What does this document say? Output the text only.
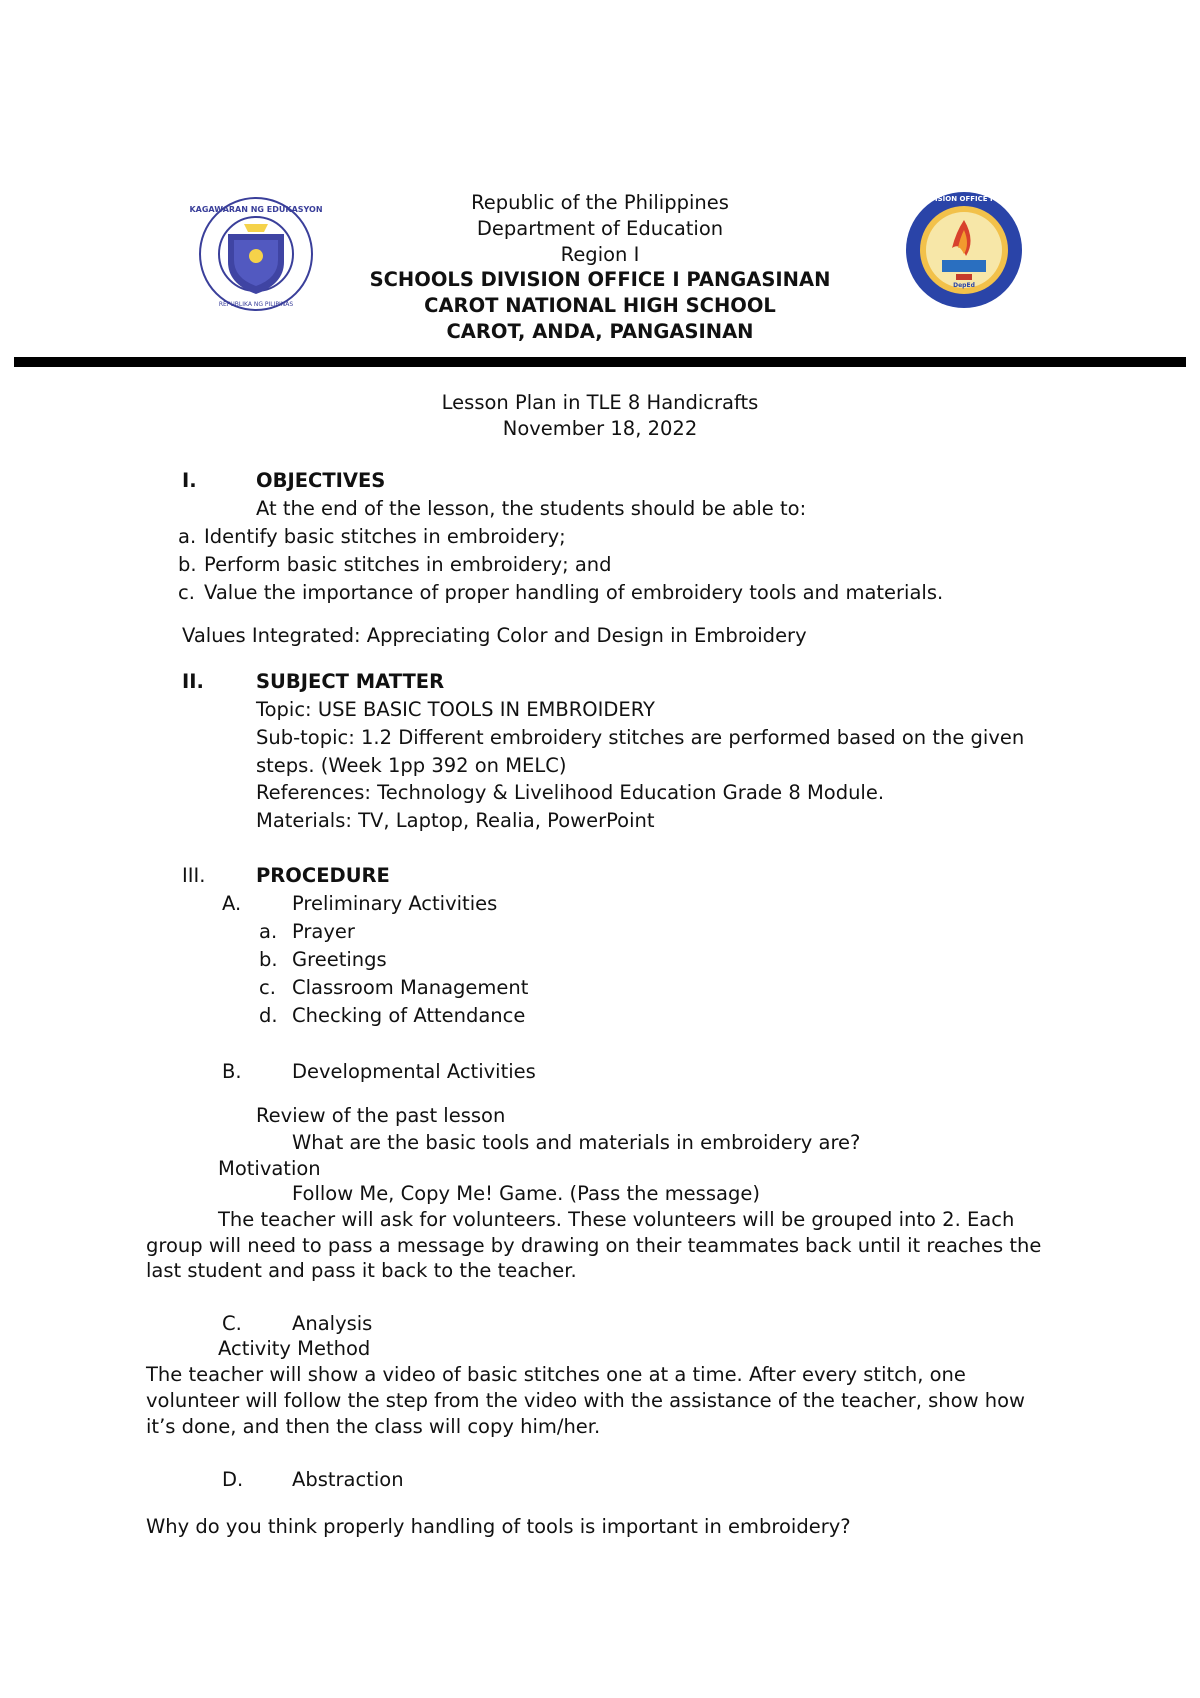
KAGAWARAN NG EDUKASYON
REPUBLIKA NG PILIPINAS
SCHOOLS DIVISION OFFICE I PANGASINAN
DepEd
Republic of the Philippines
Department of Education
Region I
SCHOOLS DIVISION OFFICE I PANGASINAN
CAROT NATIONAL HIGH SCHOOL
CAROT, ANDA, PANGASINAN
Lesson Plan in TLE 8 Handicrafts
November 18, 2022
I.	OBJECTIVES
At the end of the lesson, the students should be able to:
a. Identify basic stitches in embroidery;
b. Perform basic stitches in embroidery; and
c. Value the importance of proper handling of embroidery tools and materials.
Values Integrated: Appreciating Color and Design in Embroidery
II.	SUBJECT MATTER
Topic: USE BASIC TOOLS IN EMBROIDERY
Sub-topic: 1.2 Different embroidery stitches are performed based on the given
steps. (Week 1pp 392 on MELC)
References: Technology & Livelihood Education Grade 8 Module.
Materials: TV, Laptop, Realia, PowerPoint
III.	PROCEDURE
A.	Preliminary Activities
a. Prayer
b. Greetings
c. Classroom Management
d. Checking of Attendance
B.	Developmental Activities
Review of the past lesson
What are the basic tools and materials in embroidery are?
Motivation
Follow Me, Copy Me! Game. (Pass the message)
The teacher will ask for volunteers. These volunteers will be grouped into 2. Each
group will need to pass a message by drawing on their teammates back until it reaches the
last student and pass it back to the teacher.
C.	Analysis
Activity Method
The teacher will show a video of basic stitches one at a time. After every stitch, one
volunteer will follow the step from the video with the assistance of the teacher, show how
it’s done, and then the class will copy him/her.
D.	Abstraction
Why do you think properly handling of tools is important in embroidery?
